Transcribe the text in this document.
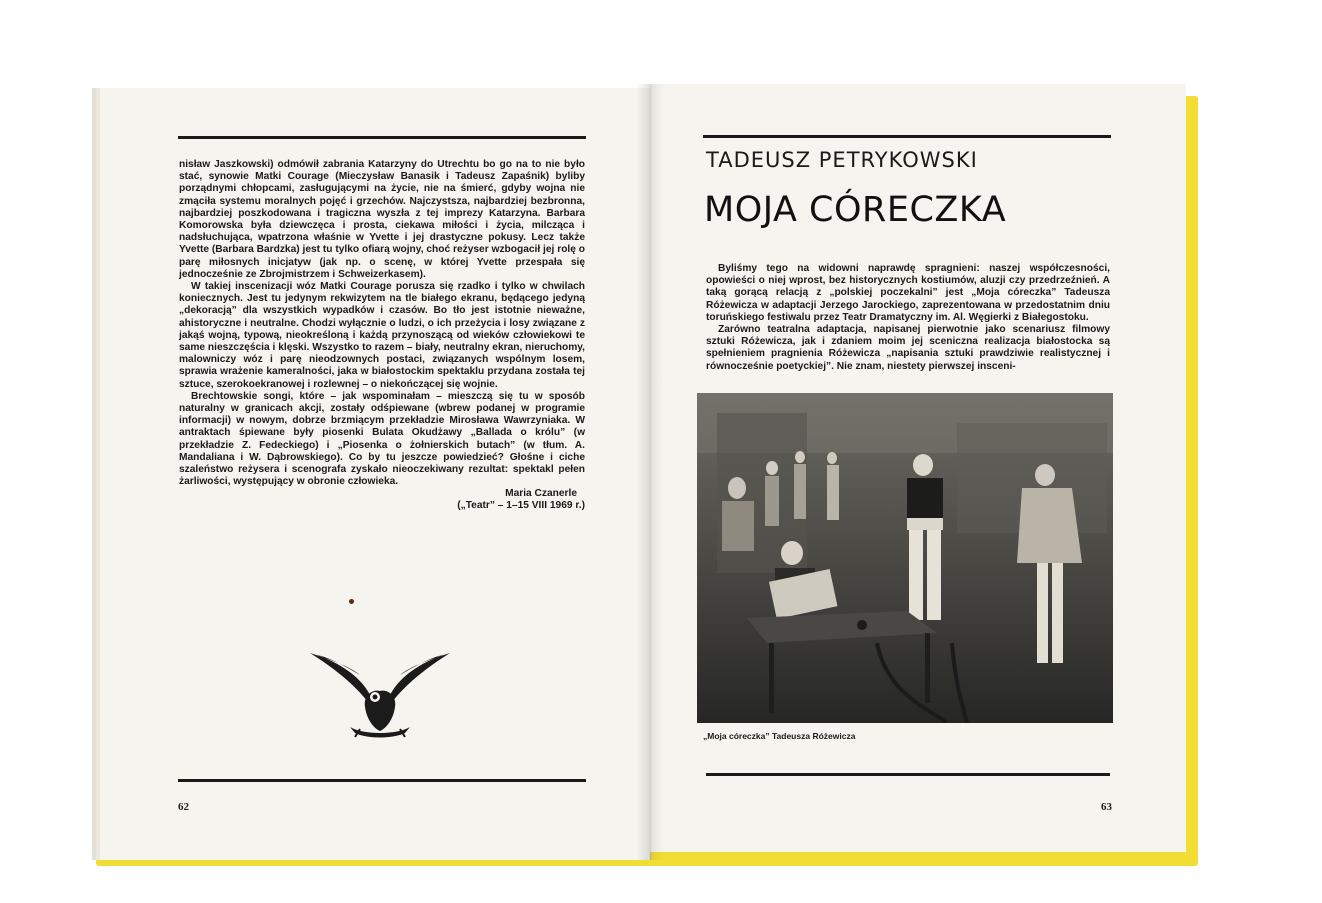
nisław Jaszkowski) odmówił zabrania Katarzyny do Utrechtu bo go na to nie było stać, synowie Matki Courage (Mieczysław Banasik i Tadeusz Zapaśnik) byliby porządnymi chłopcami, zasługującymi na życie, nie na śmierć, gdyby wojna nie zmąciła systemu moralnych pojęć i grzechów. Najczystsza, najbardziej bezbronna, najbardziej poszkodowana i tragiczna wyszła z tej imprezy Katarzyna. Barbara Komorowska była dziewczęca i prosta, ciekawa miłości i życia, milcząca i nadsłuchująca, wpatrzona właśnie w Yvette i jej drastyczne pokusy. Lecz także Yvette (Barbara Bardzka) jest tu tylko ofiarą wojny, choć reżyser wzbogacił jej rolę o parę miłosnych inicjatyw (jak np. o scenę, w której Yvette przespała się jednocześnie ze Zbrojmistrzem i Schweizerkasem).

W takiej inscenizacji wóz Matki Courage porusza się rzadko i tylko w chwilach koniecznych. Jest tu jedynym rekwizytem na tle białego ekranu, będącego jedyną „dekoracją” dla wszystkich wypadków i czasów. Bo tło jest istotnie nieważne, ahistoryczne i neutralne. Chodzi wyłącznie o ludzi, o ich przeżycia i losy związane z jakąś wojną, typową, nieokreśloną i każdą przynoszącą od wieków człowiekowi te same nieszczęścia i klęski. Wszystko to razem – biały, neutralny ekran, nieruchomy, malowniczy wóz i parę nieodzownych postaci, związanych wspólnym losem, sprawia wrażenie kameralności, jaka w białostockim spektaklu przydana została tej sztuce, szerokoekranowej i rozlewnej – o niekończącej się wojnie.

Brechtowskie songi, które – jak wspominałam – mieszczą się tu w sposób naturalny w granicach akcji, zostały odśpiewane (wbrew podanej w programie informacji) w nowym, dobrze brzmiącym przekładzie Mirosława Wawrzyniaka. W antraktach śpiewane były piosenki Bulata Okudżawy „Ballada o królu” (w przekładzie Z. Fedeckiego) i „Piosenka o żołnierskich butach” (w tłum. A. Mandaliana i W. Dąbrowskiego). Co by tu jeszcze powiedzieć? Głośne i ciche szaleństwo reżysera i scenografa zyskało nieoczekiwany rezultat: spektakl pełen żarliwości, występujący w obronie człowieka.

Maria Czanerle
(„Teatr” – 1–15 VIII 1969 r.)
62
TADEUSZ PETRYKOWSKI
MOJA CÓRECZKA

Byliśmy tego na widowni naprawdę spragnieni: naszej współczesności, opowieści o niej wprost, bez historycznych kostiumów, aluzji czy przedrzeźnień. A taką gorącą relacją z „polskiej poczekalni” jest „Moja córeczka” Tadeusza Różewicza w adaptacji Jerzego Jarockiego, zaprezentowana w przedostatnim dniu toruńskiego festiwalu przez Teatr Dramatyczny im. Al. Węgierki z Białegostoku.

Zarówno teatralna adaptacja, napisanej pierwotnie jako scenariusz filmowy sztuki Różewicza, jak i zdaniem moim jej sceniczna realizacja białostocka są spełnieniem pragnienia Różewicza „napisania sztuki prawdziwie realistycznej i równocześnie poetyckiej”. Nie znam, niestety pierwszej insceni-

„Moja córeczka” Tadeusza Różewicza
63
